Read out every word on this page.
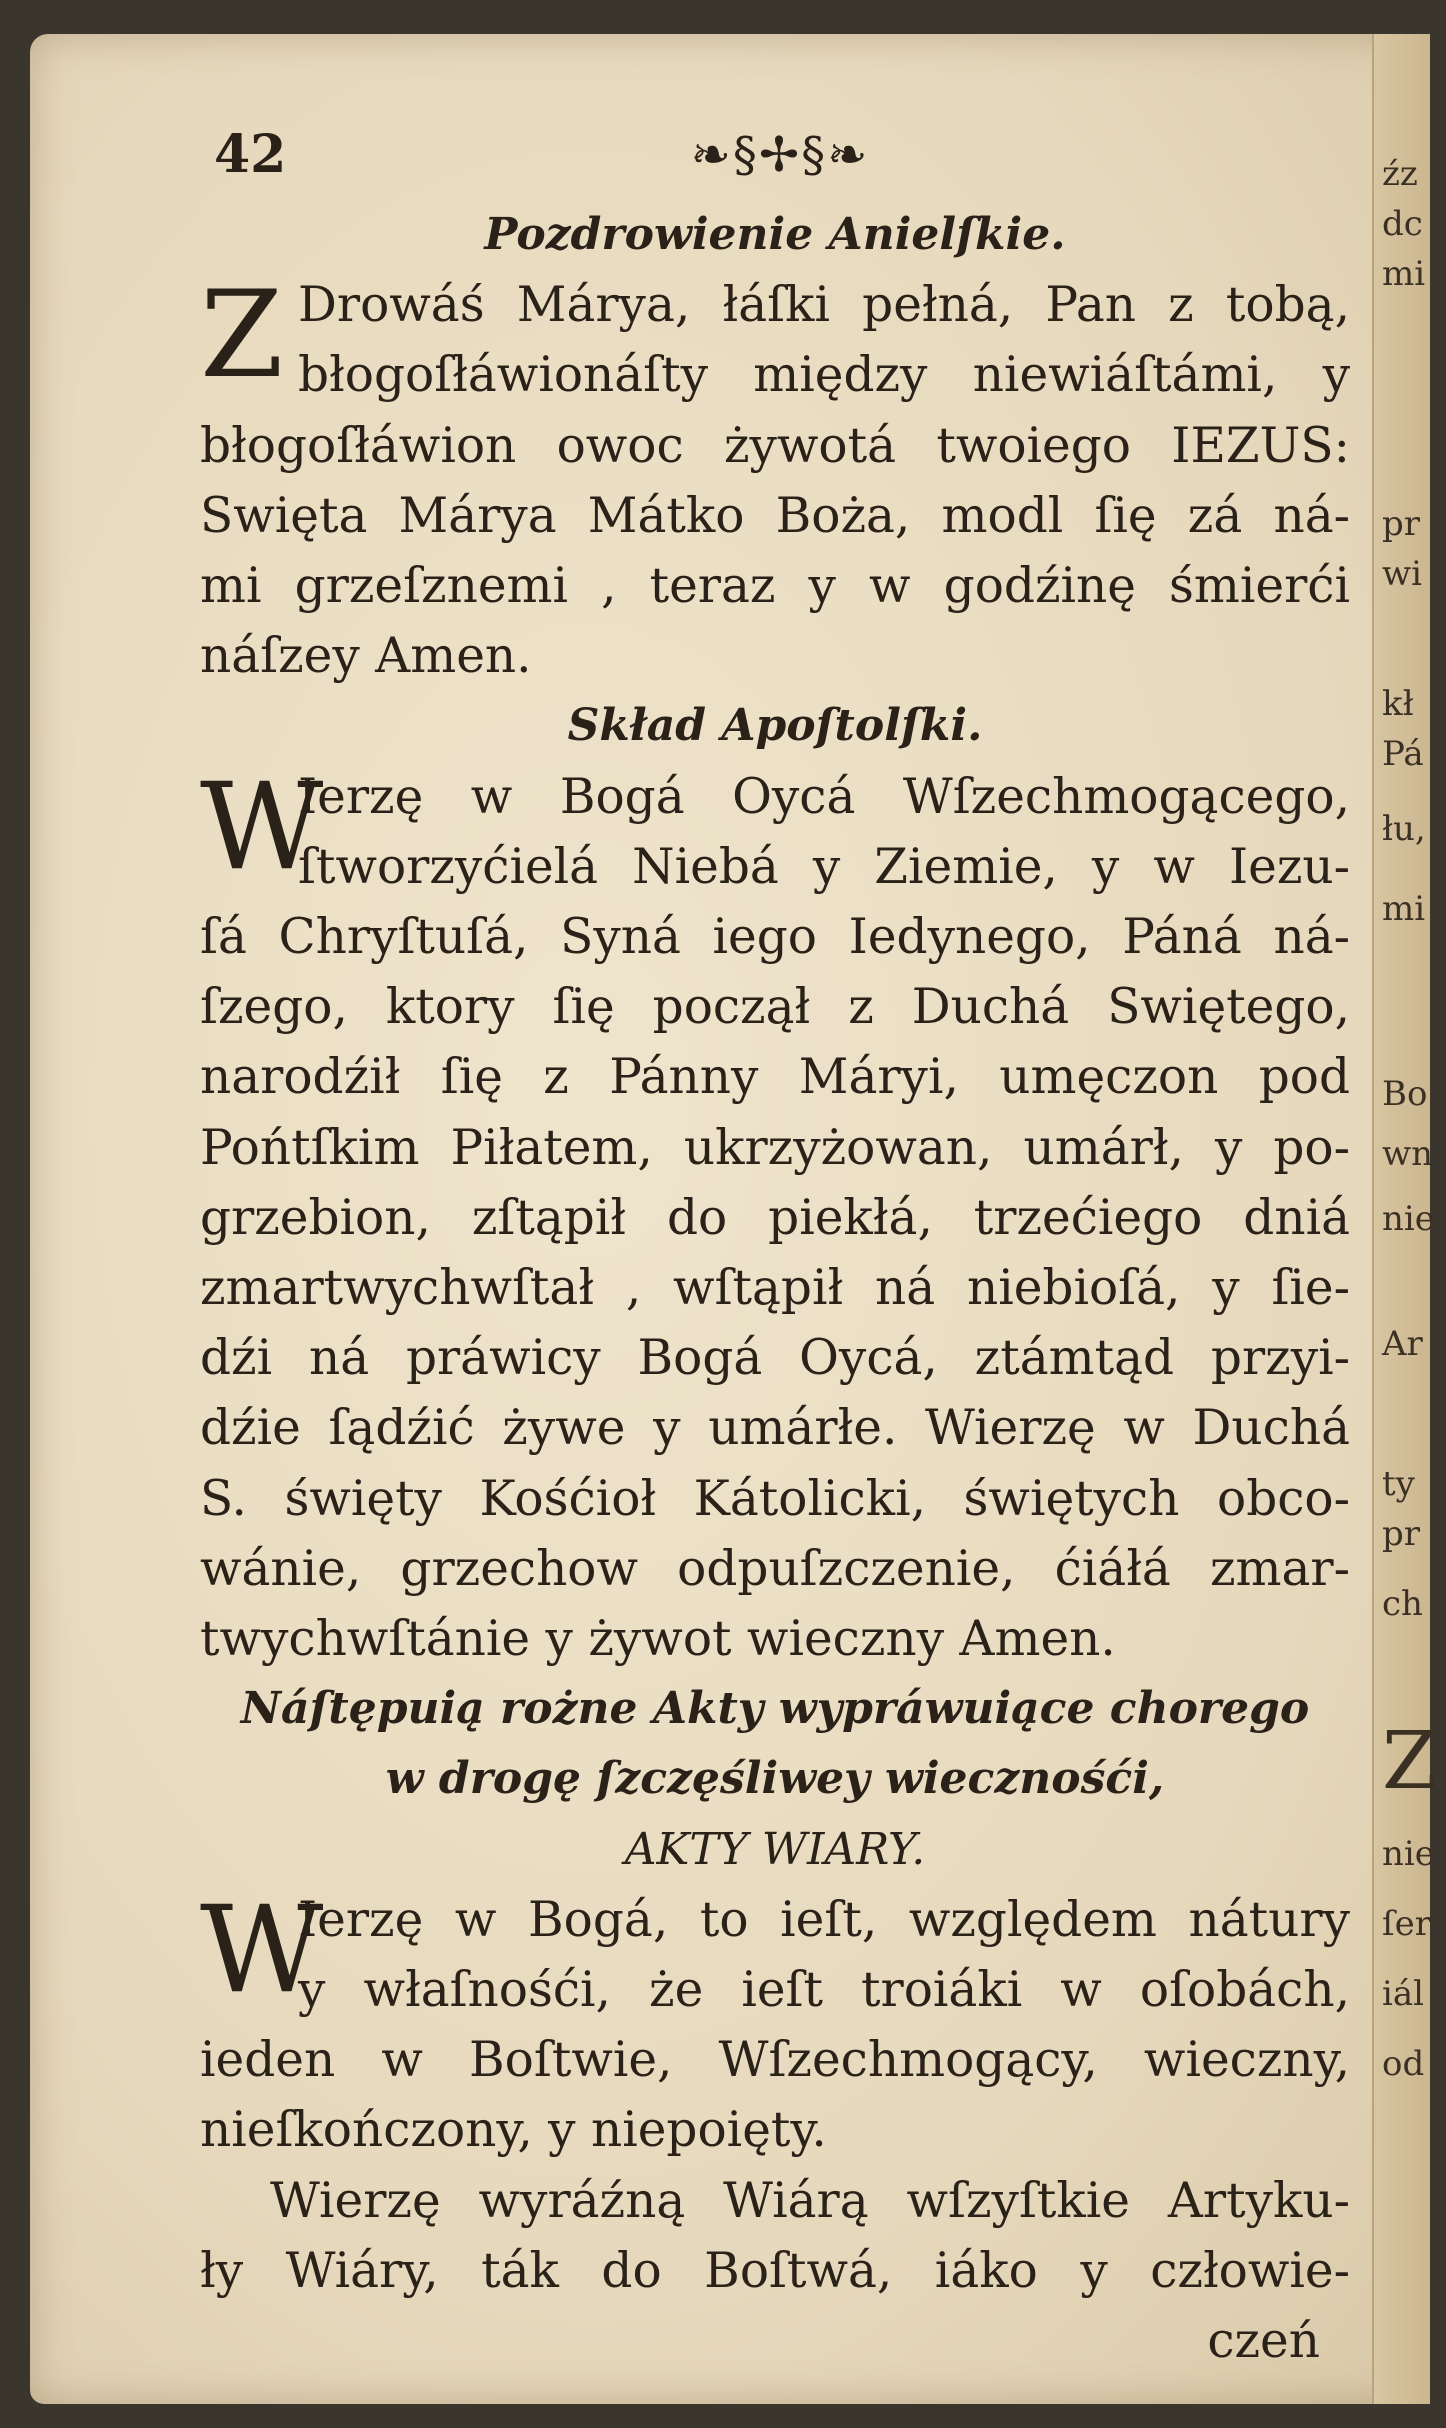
źz
dc
mi
pr
wi
kł
Pá
łu,
mi
Bo
wn
nie
Ar
ty
pr
ch
Z
nie
ſer
iál
od
42	❧§✢§❧
Pozdrowienie Anielſkie.
Z Drowáś Márya, łáſki pełná, Pan z tobą,
błogoſłáwionáſty między niewiáſtámi, y
błogoſłáwion owoc żywotá twoiego IEZUS:
Swięta Márya Mátko Boża, modl ſię zá ná-
mi grzeſznemi , teraz y w godźinę śmierći
náſzey Amen.
Skład Apoſtolſki.
W
Ierzę w Bogá Oycá Wſzechmogącego,
ſtworzyćielá Niebá y Ziemie, y w Iezu-
ſá Chryſtuſá, Syná iego Iedynego, Páná ná-
ſzego, ktory ſię począł z Duchá Swiętego,
narodźił ſię z Pánny Máryi, umęczon pod
Pońtſkim Piłatem, ukrzyżowan, umárł, y po-
grzebion, zſtąpił do piekłá, trzećiego dniá
zmartwychwſtał , wſtąpił ná niebioſá, y ſie-
dźi ná práwicy Bogá Oycá, ztámtąd przyi-
dźie ſądźić żywe y umárłe. Wierzę w Duchá
S. święty Kośćioł Kátolicki, świętych obco-
wánie, grzechow odpuſzczenie, ćiáłá zmar-
twychwſtánie y żywot wieczny Amen.
Náſtępuią rożne Akty wypráwuiące chorego
w drogę ſzczęśliwey wiecznośći,
AKTY WIARY.
W
Ierzę w Bogá, to ieſt, względem nátury
y właſnośći, że ieſt troiáki w oſobách,
ieden w Boſtwie, Wſzechmogący, wieczny,
nieſkończony, y niepoięty.
Wierzę wyráźną Wiárą wſzyſtkie Artyku-
ły Wiáry, ták do Boſtwá, iáko y człowie-
czeń
